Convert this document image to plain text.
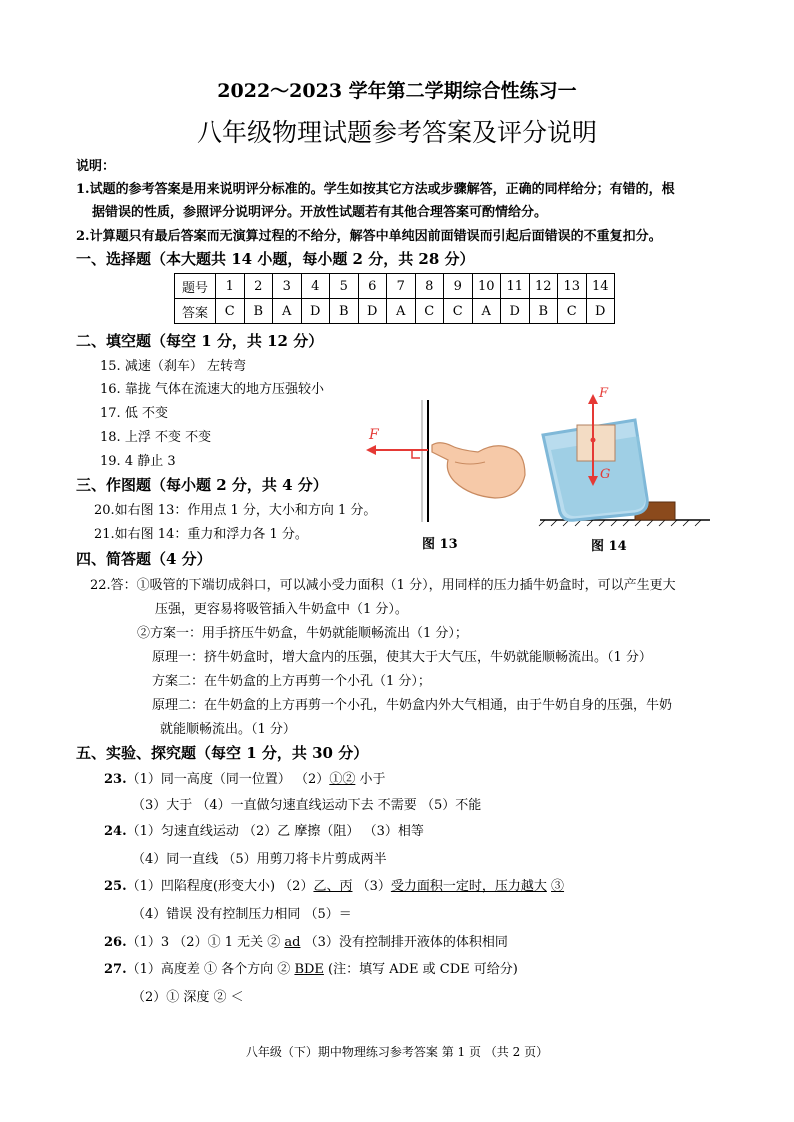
2022～2023 学年第二学期综合性练习一
八年级物理试题参考答案及评分说明
说明：
1.试题的参考答案是用来说明评分标准的。学生如按其它方法或步骤解答，正确的同样给分；有错的，根
据错误的性质，参照评分说明评分。开放性试题若有其他合理答案可酌情给分。
2.计算题只有最后答案而无演算过程的不给分，解答中单纯因前面错误而引起后面错误的不重复扣分。
一、选择题（本大题共 14 小题，每小题 2 分，共 28 分）
题号	1	2	3	4	5	6	7	8	9	10	11	12	13	14
答案	C	B	A	D	B	D	A	C	C	A	D	B	C	D
二、填空题（每空 1 分，共 12 分）
15. 减速（刹车） 左转弯
16. 靠拢 气体在流速大的地方压强较小
17. 低 不变
18. 上浮 不变 不变
19. 4 静止 3
三、作图题（每小题 2 分，共 4 分）
20.如右图 13：作用点 1 分，大小和方向 1 分。
21.如右图 14：重力和浮力各 1 分。
F
图 13
F
G
图 14
四、简答题（4 分）
22.答：①吸管的下端切成斜口，可以减小受力面积（1 分），用同样的压力插牛奶盒时，可以产生更大
压强，更容易将吸管插入牛奶盒中（1 分）。
②方案一：用手挤压牛奶盒，牛奶就能顺畅流出（1 分）；
原理一：挤牛奶盒时，增大盒内的压强，使其大于大气压，牛奶就能顺畅流出。（1 分）
方案二：在牛奶盒的上方再剪一个小孔（1 分）；
原理二：在牛奶盒的上方再剪一个小孔，牛奶盒内外大气相通，由于牛奶自身的压强，牛奶
就能顺畅流出。（1 分）
五、实验、探究题（每空 1 分，共 30 分）
23.（1）同一高度（同一位置） （2）①② 小于
（3）大于 （4）一直做匀速直线运动下去 不需要 （5）不能
24.（1）匀速直线运动 （2）乙 摩擦（阻） （3）相等
（4）同一直线 （5）用剪刀将卡片剪成两半
25.（1）凹陷程度(形变大小) （2）乙、丙 （3）受力面积一定时，压力越大 ③
（4）错误 没有控制压力相同 （5）＝
26.（1）3 （2）① 1 无关 ② ad （3）没有控制排开液体的体积相同
27.（1）高度差 ① 各个方向 ② BDE (注：填写 ADE 或 CDE 可给分)
（2）① 深度 ② ＜
八年级（下）期中物理练习参考答案 第 1 页 （共 2 页）
